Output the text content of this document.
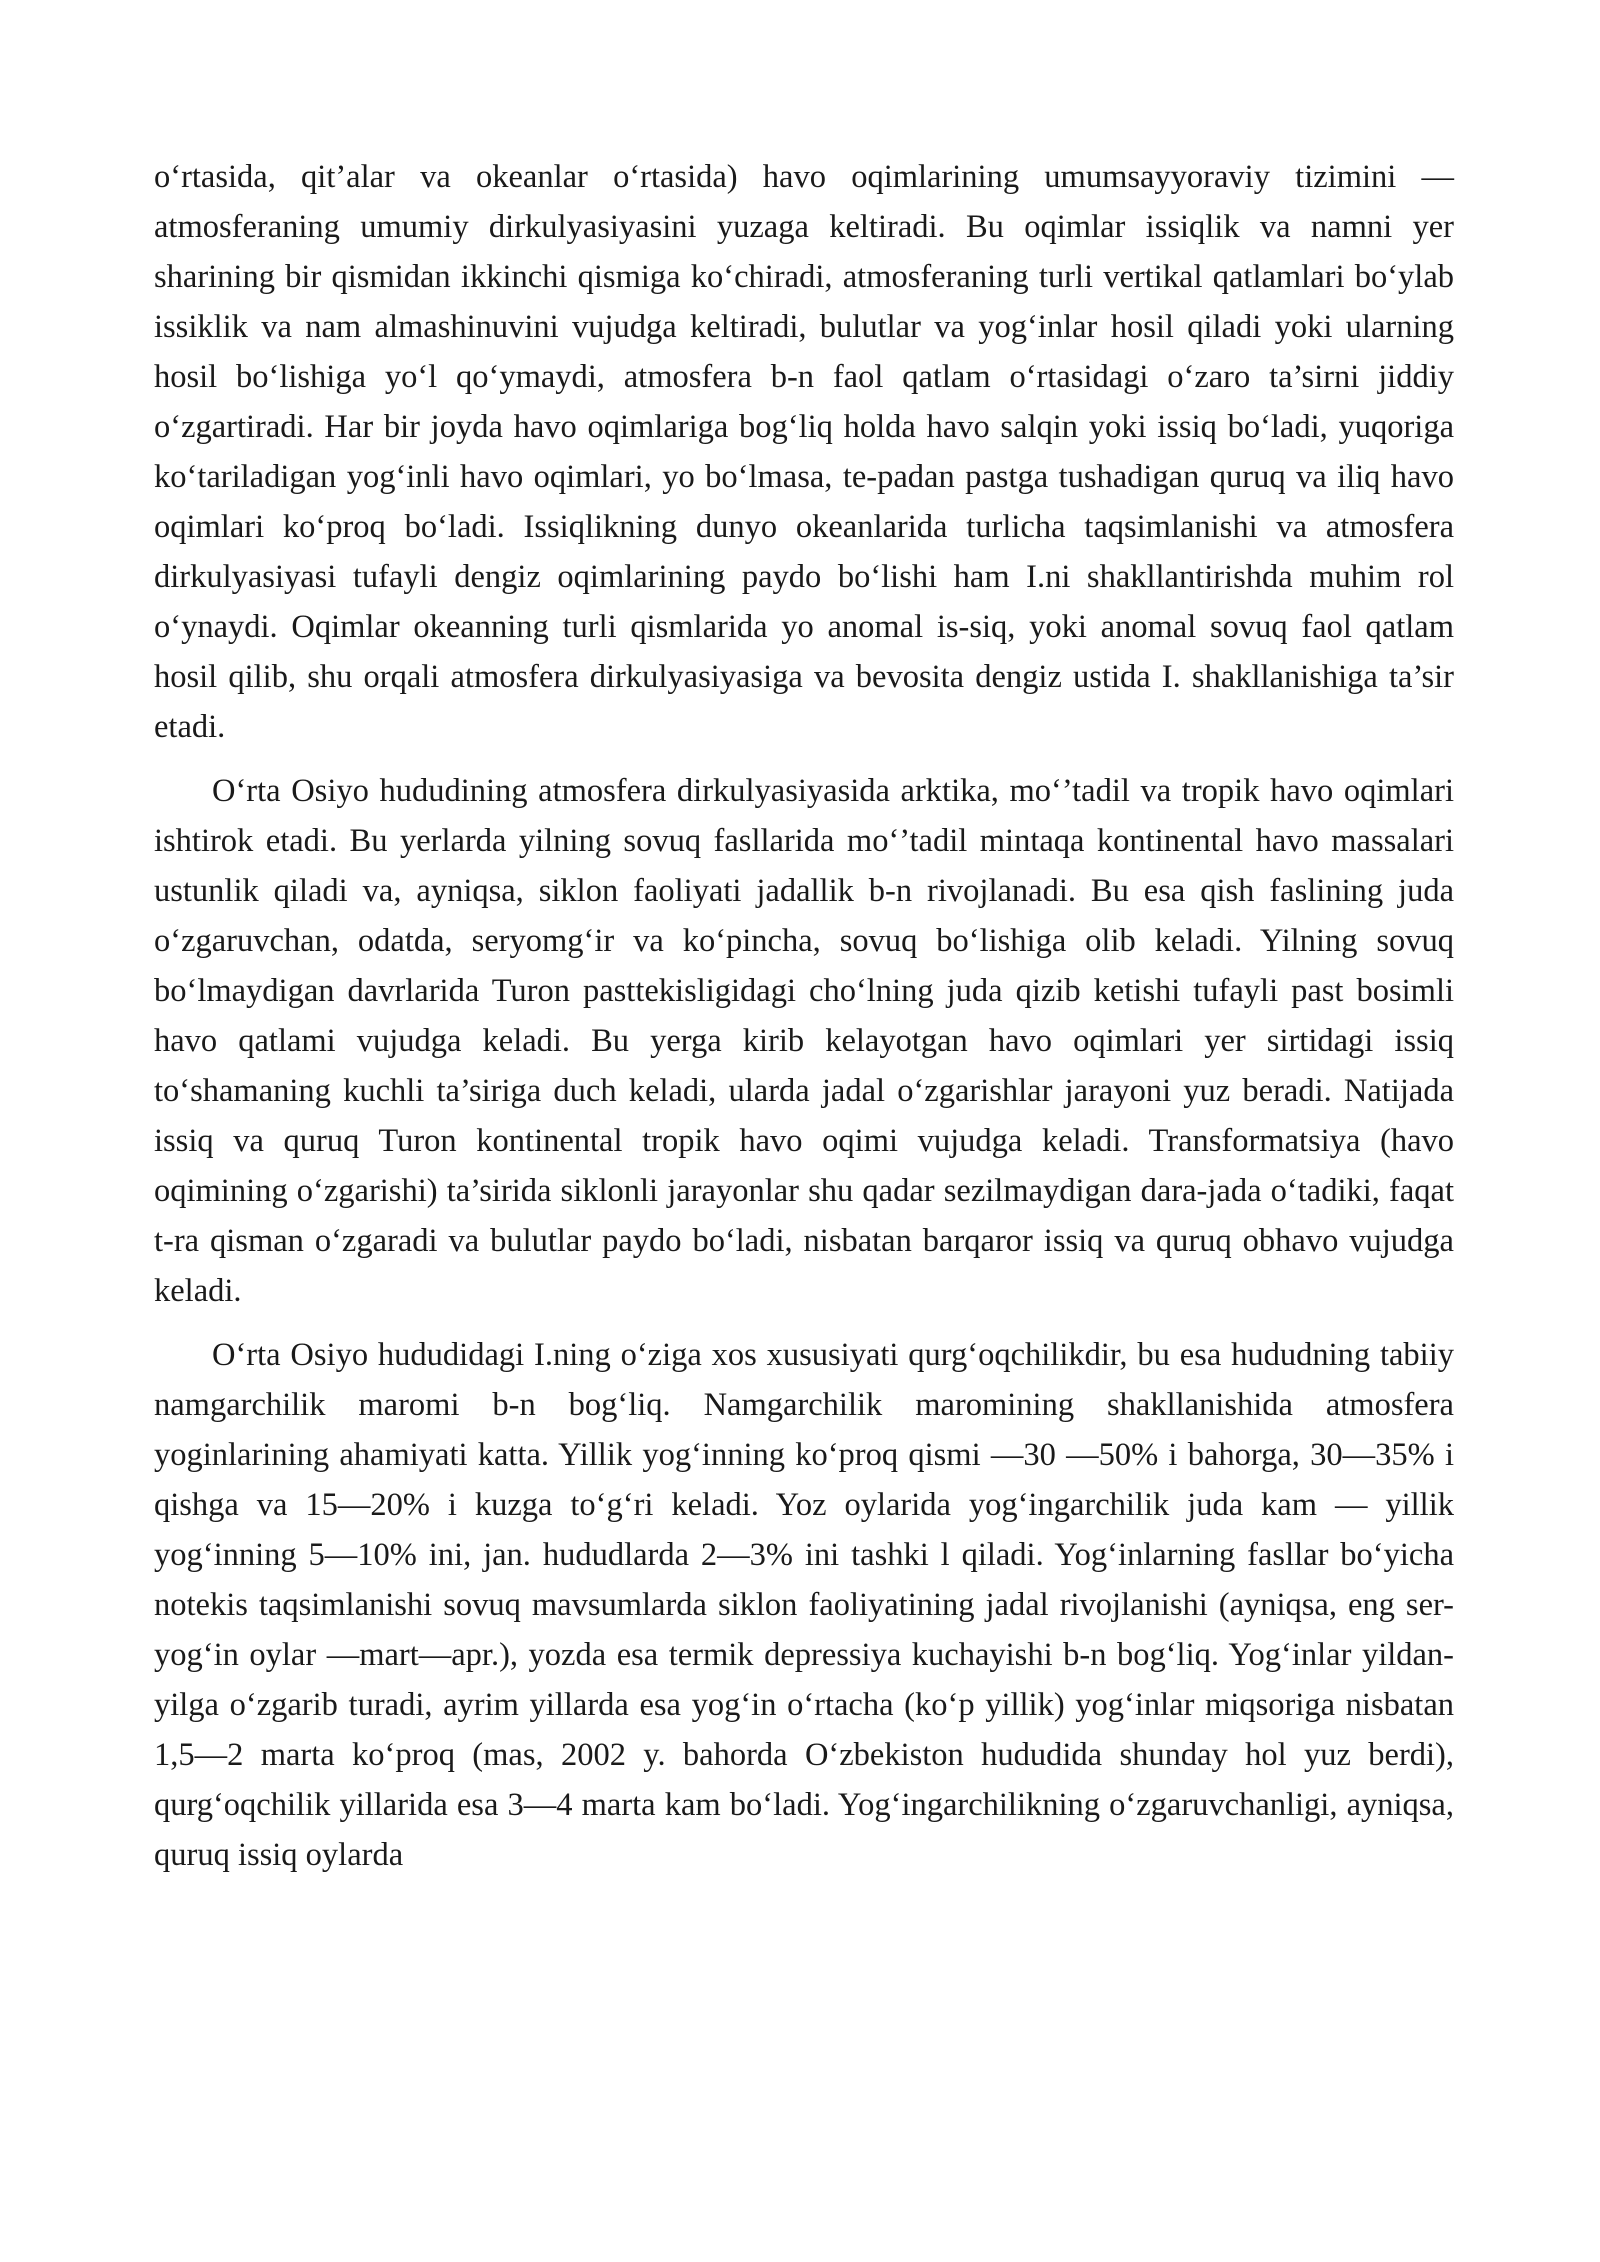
o‘rtasida, qit’alar va okeanlar o‘rtasida) havo oqimlarining umumsayyoraviy tizimini — atmosferaning umumiy dirkulyasiyasini yuzaga keltiradi. Bu oqimlar issiqlik va namni yer sharining bir qismidan ikkinchi qismiga ko‘chiradi, atmosferaning turli vertikal qatlamlari bo‘ylab issiklik va nam almashinuvini vujudga keltiradi, bulutlar va yog‘inlar hosil qiladi yoki ularning hosil bo‘lishiga yo‘l qo‘ymaydi, atmosfera b-n faol qatlam o‘rtasidagi o‘zaro ta’sirni jiddiy o‘zgartiradi. Har bir joyda havo oqimlariga bog‘liq holda havo salqin yoki issiq bo‘ladi, yuqoriga ko‘tariladigan yog‘inli havo oqimlari, yo bo‘lmasa, te-padan pastga tushadigan quruq va iliq havo oqimlari ko‘proq bo‘ladi. Issiqlikning dunyo okeanlarida turlicha taqsimlanishi va atmosfera dirkulyasiyasi tufayli dengiz oqimlarining paydo bo‘lishi ham I.ni shakllantirishda muhim rol o‘ynaydi. Oqimlar okeanning turli qismlarida yo anomal is-siq, yoki anomal sovuq faol qatlam hosil qilib, shu orqali atmosfera dirkulyasiyasiga va bevosita dengiz ustida I. shakllanishiga ta’sir etadi.

O‘rta Osiyo hududining atmosfera dirkulyasiyasida arktika, mo‘’tadil va tropik havo oqimlari ishtirok etadi. Bu yerlarda yilning sovuq fasllarida mo‘’tadil mintaqa kontinental havo massalari ustunlik qiladi va, ayniqsa, siklon faoliyati jadallik b-n rivojlanadi. Bu esa qish faslining juda o‘zgaruvchan, odatda, seryomg‘ir va ko‘pincha, sovuq bo‘lishiga olib keladi. Yilning sovuq bo‘lmaydigan davrlarida Turon pasttekisligidagi cho‘lning juda qizib ketishi tufayli past bosimli havo qatlami vujudga keladi. Bu yerga kirib kelayotgan havo oqimlari yer sirtidagi issiq to‘shamaning kuchli ta’siriga duch keladi, ularda jadal o‘zgarishlar jarayoni yuz beradi. Natijada issiq va quruq Turon kontinental tropik havo oqimi vujudga keladi. Transformatsiya (havo oqimining o‘zgarishi) ta’sirida siklonli jarayonlar shu qadar sezilmaydigan dara-jada o‘tadiki, faqat t-ra qisman o‘zgaradi va bulutlar paydo bo‘ladi, nisbatan barqaror issiq va quruq obhavo vujudga keladi.

O‘rta Osiyo hududidagi I.ning o‘ziga xos xususiyati qurg‘oqchilikdir, bu esa hududning tabiiy namgarchilik maromi b-n bog‘liq. Namgarchilik maromining shakllanishida atmosfera yoginlarining ahamiyati katta. Yillik yog‘inning ko‘proq qismi —30 —50% i bahorga, 30—35% i qishga va 15—20% i kuzga to‘g‘ri keladi. Yoz oylarida yog‘ingarchilik juda kam — yillik yog‘inning 5—10% ini, jan. hududlarda 2—3% ini tashki l qiladi. Yog‘inlarning fasllar bo‘yicha notekis taqsimlanishi sovuq mavsumlarda siklon faoliyatining jadal rivojlanishi (ayniqsa, eng ser-yog‘in oylar —mart—apr.), yozda esa termik depressiya kuchayishi b-n bog‘liq. Yog‘inlar yildan-yilga o‘zgarib turadi, ayrim yillarda esa yog‘in o‘rtacha (ko‘p yillik) yog‘inlar miqsoriga nisbatan 1,5—2 marta ko‘proq (mas, 2002 y. bahorda O‘zbekiston hududida shunday hol yuz berdi), qurg‘oqchilik yillarida esa 3—4 marta kam bo‘ladi. Yog‘ingarchilikning o‘zgaruvchanligi, ayniqsa, quruq issiq oylarda
